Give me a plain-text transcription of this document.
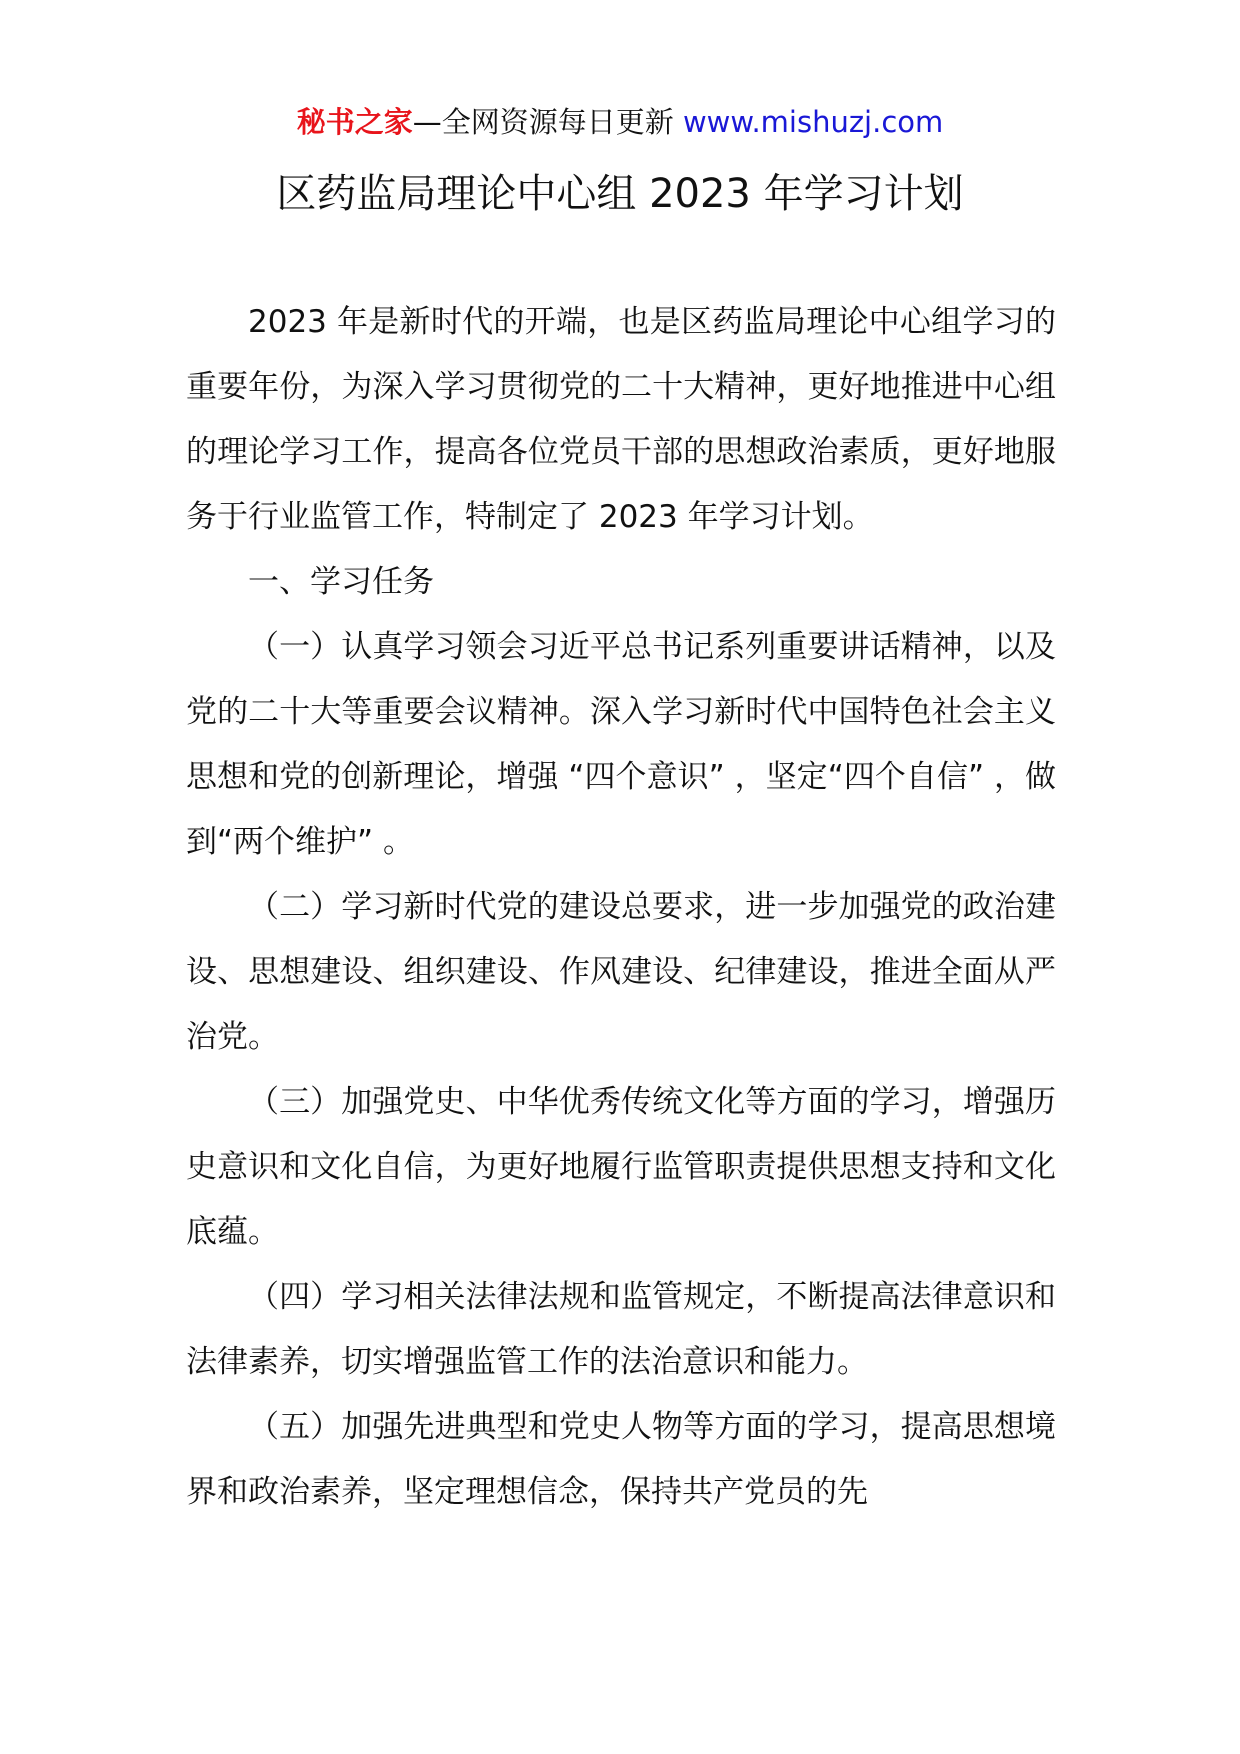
秘书之家—全网资源每日更新 www.mishuzj.com
区药监局理论中心组 2023 年学习计划

2023 年是新时代的开端，也是区药监局理论中心组学习的重要年份，为深入学习贯彻党的二十大精神，更好地推进中心组的理论学习工作，提高各位党员干部的思想政治素质，更好地服务于行业监管工作，特制定了 2023 年学习计划。

一、学习任务

（一）认真学习领会习近平总书记系列重要讲话精神，以及党的二十大等重要会议精神。深入学习新时代中国特色社会主义思想和党的创新理论，增强 “四个意识” ，坚定“四个自信” ，做到“两个维护” 。

（二）学习新时代党的建设总要求，进一步加强党的政治建设、思想建设、组织建设、作风建设、纪律建设，推进全面从严治党。

（三）加强党史、中华优秀传统文化等方面的学习，增强历史意识和文化自信，为更好地履行监管职责提供思想支持和文化底蕴。

（四）学习相关法律法规和监管规定，不断提高法律意识和法律素养，切实增强监管工作的法治意识和能力。

（五）加强先进典型和党史人物等方面的学习，提高思想境界和政治素养，坚定理想信念，保持共产党员的先
